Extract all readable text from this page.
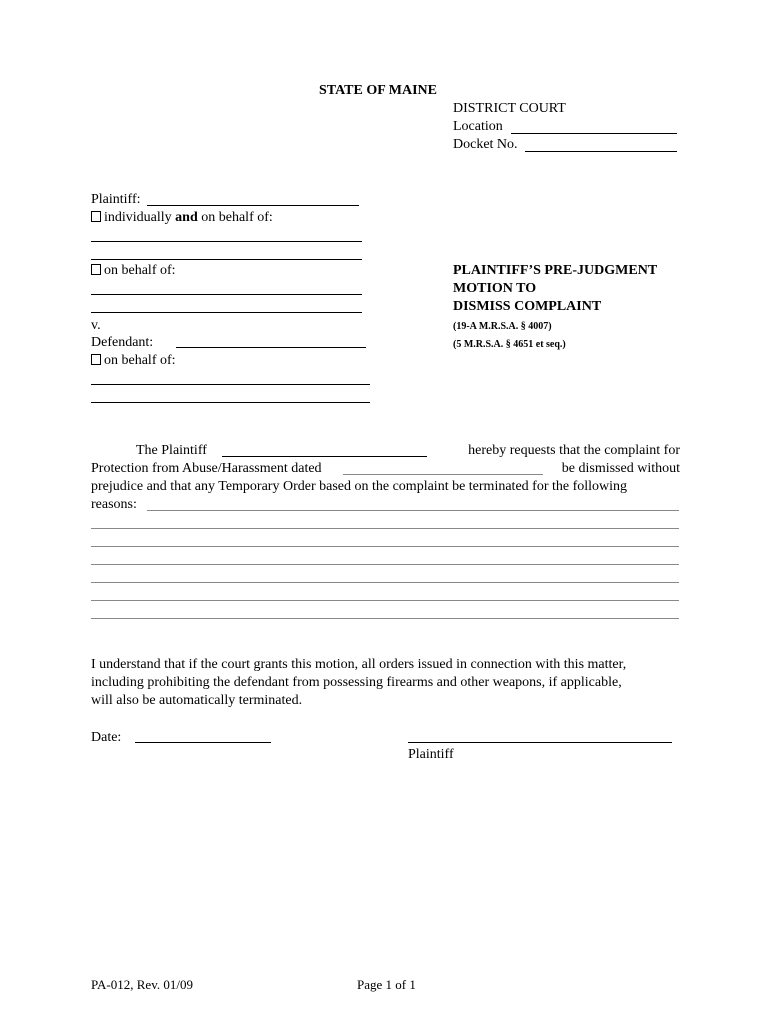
STATE OF MAINE
DISTRICT COURT
Location
Docket No.
Plaintiff:
individually and on behalf of:
on behalf of:
v.
Defendant:
on behalf of:
PLAINTIFF’S PRE-JUDGMENT
MOTION TO
DISMISS COMPLAINT
(19-A M.R.S.A. § 4007)
(5 M.R.S.A. § 4651 et seq.)
The Plaintiff	hereby requests that the complaint for
Protection from Abuse/Harassment dated	be dismissed without
prejudice and that any Temporary Order based on the complaint be terminated for the following
reasons:
I understand that if the court grants this motion, all orders issued in connection with this matter,
including prohibiting the defendant from possessing firearms and other weapons, if applicable,
will also be automatically terminated.
Date:
Plaintiff
PA-012, Rev. 01/09	Page 1 of 1
